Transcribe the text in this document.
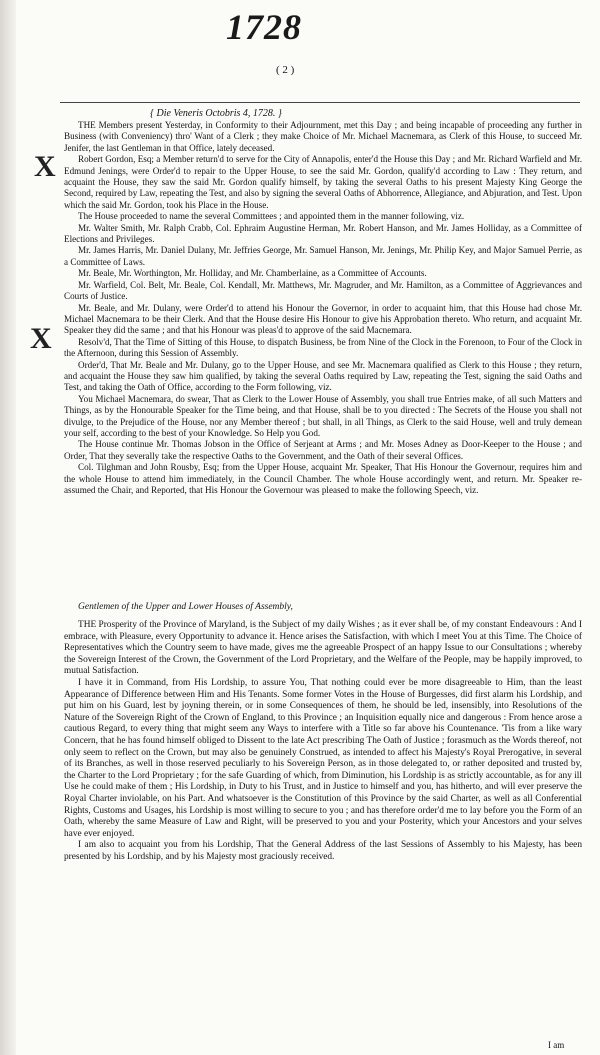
1728
( 2 )
{ Die Veneris Octobris 4, 1728. }
X
X

THE Members present Yesterday, in Conformity to their Adjournment, met this Day ; and being incapable of proceeding any further in Business (with Conveniency) thro' Want of a Clerk ; they make Choice of Mr. Michael Macnemara, as Clerk of this House, to succeed Mr. Jenifer, the last Gentleman in that Office, lately deceased.

Robert Gordon, Esq; a Member return'd to serve for the City of Annapolis, enter'd the House this Day ; and Mr. Richard Warfield and Mr. Edmund Jenings, were Order'd to repair to the Upper House, to see the said Mr. Gordon, qualify'd according to Law : They return, and acquaint the House, they saw the said Mr. Gordon qualify himself, by taking the several Oaths to his present Majesty King George the Second, required by Law, repeating the Test, and also by signing the several Oaths of Abhorrence, Allegiance, and Abjuration, and Test. Upon which the said Mr. Gordon, took his Place in the House.

The House proceeded to name the several Committees ; and appointed them in the manner following, viz.

Mr. Walter Smith, Mr. Ralph Crabb, Col. Ephraim Augustine Herman, Mr. Robert Hanson, and Mr. James Holliday, as a Committee of Elections and Privileges.

Mr. James Harris, Mr. Daniel Dulany, Mr. Jeffries George, Mr. Samuel Hanson, Mr. Jenings, Mr. Philip Key, and Major Samuel Perrie, as a Committee of Laws.

Mr. Beale, Mr. Worthington, Mr. Holliday, and Mr. Chamberlaine, as a Committee of Accounts.

Mr. Warfield, Col. Belt, Mr. Beale, Col. Kendall, Mr. Matthews, Mr. Magruder, and Mr. Hamilton, as a Committee of Aggrievances and Courts of Justice.

Mr. Beale, and Mr. Dulany, were Order'd to attend his Honour the Governor, in order to acquaint him, that this House had chose Mr. Michael Macnemara to be their Clerk. And that the House desire His Honour to give his Approbation thereto. Who return, and acquaint Mr. Speaker they did the same ; and that his Honour was pleas'd to approve of the said Macnemara.

Resolv'd, That the Time of Sitting of this House, to dispatch Business, be from Nine of the Clock in the Forenoon, to Four of the Clock in the Afternoon, during this Session of Assembly.

Order'd, That Mr. Beale and Mr. Dulany, go to the Upper House, and see Mr. Macnemara qualified as Clerk to this House ; they return, and acquaint the House they saw him qualified, by taking the several Oaths required by Law, repeating the Test, signing the said Oaths and Test, and taking the Oath of Office, according to the Form following, viz.

You Michael Macnemara, do swear, That as Clerk to the Lower House of Assembly, you shall true Entries make, of all such Matters and Things, as by the Honourable Speaker for the Time being, and that House, shall be to you directed : The Secrets of the House you shall not divulge, to the Prejudice of the House, nor any Member thereof ; but shall, in all Things, as Clerk to the said House, well and truly demean your self, according to the best of your Knowledge. So Help you God.

The House continue Mr. Thomas Jobson in the Office of Serjeant at Arms ; and Mr. Moses Adney as Door-Keeper to the House ; and Order, That they severally take the respective Oaths to the Government, and the Oath of their several Offices.

Col. Tilghman and John Rousby, Esq; from the Upper House, acquaint Mr. Speaker, That His Honour the Governour, requires him and the whole House to attend him immediately, in the Council Chamber. The whole House accordingly went, and return. Mr. Speaker re-assumed the Chair, and Reported, that His Honour the Governour was pleased to make the following Speech, viz.

Gentlemen of the Upper and Lower Houses of Assembly,

THE Prosperity of the Province of Maryland, is the Subject of my daily Wishes ; as it ever shall be, of my constant Endeavours : And I embrace, with Pleasure, every Opportunity to advance it. Hence arises the Satisfaction, with which I meet You at this Time. The Choice of Representatives which the Country seem to have made, gives me the agreeable Prospect of an happy Issue to our Consultations ; whereby the Sovereign Interest of the Crown, the Government of the Lord Proprietary, and the Welfare of the People, may be happily improved, to mutual Satisfaction.

I have it in Command, from His Lordship, to assure You, That nothing could ever be more disagreeable to Him, than the least Appearance of Difference between Him and His Tenants. Some former Votes in the House of Burgesses, did first alarm his Lordship, and put him on his Guard, lest by joyning therein, or in some Consequences of them, he should be led, insensibly, into Resolutions of the Nature of the Sovereign Right of the Crown of England, to this Province ; an Inquisition equally nice and dangerous : From hence arose a cautious Regard, to every thing that might seem any Ways to interfere with a Title so far above his Countenance. 'Tis from a like wary Concern, that he has found himself obliged to Dissent to the late Act prescribing The Oath of Justice ; forasmuch as the Words thereof, not only seem to reflect on the Crown, but may also be genuinely Construed, as intended to affect his Majesty's Royal Prerogative, in several of its Branches, as well in those reserved peculiarly to his Sovereign Person, as in those delegated to, or rather deposited and trusted by, the Charter to the Lord Proprietary ; for the safe Guarding of which, from Diminution, his Lordship is as strictly accountable, as for any ill Use he could make of them ; His Lordship, in Duty to his Trust, and in Justice to himself and you, has hitherto, and will ever preserve the Royal Charter inviolable, on his Part. And whatsoever is the Constitution of this Province by the said Charter, as well as all Conferential Rights, Customs and Usages, his Lordship is most willing to secure to you ; and has therefore order'd me to lay before you the Form of an Oath, whereby the same Measure of Law and Right, will be preserved to you and your Posterity, which your Ancestors and your selves have ever enjoyed.

I am also to acquaint you from his Lordship, That the General Address of the last Sessions of Assembly to his Majesty, has been presented by his Lordship, and by his Majesty most graciously received.

I am
